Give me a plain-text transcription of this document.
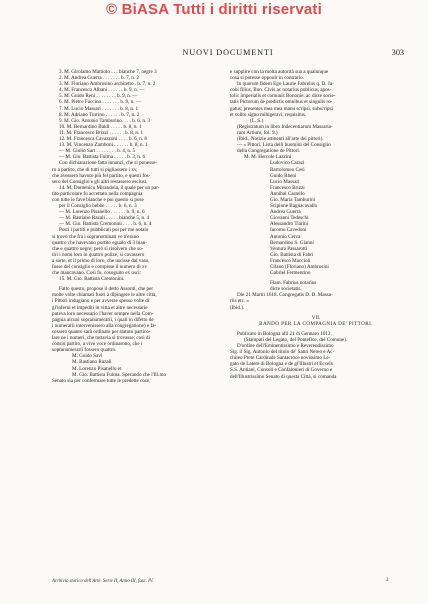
© BiASA Tutti i diritti riservati
NUOVI DOCUMENTI	303
3. M. Girolamo Mattiolo . . . bianche 7, negre 3
2. M. Andrea Guerra . . . . . . . b. 7, n. 2
3. M. Floriano Ambrosino architetto . b. 7, n. 2
4. M. Francesco Albani . . . . . . b. 9, n. —
5. M. Guido Reni . . . . . . . . b. 9, n. —
6. M. Pietro Faccino . . . . . . . b. 9, n. —
7. M. Lucio Massari . . . . . . . b. 8, n. 1
8. M. Adriano Turrino . . . . . . b. 7, n. 2
9. M. Gio. Antonio Tamburino. . . . b. 6, n. 3
10. M. Bernardino Baldi . . . . . b. 8, n. 1
11. M. Francesco Brizzi . . . . . . b. 8, n. 1
12. M. Francesca Cavazzoni . . . . b. 6, n. 8
13. M. Vincenzo Zamboni . . . . . . b. 8, n. 1
— M. Giulio Sart . . . . . . . . b. 4, n. 5
— M. Gio. Battista Fulma . . . . . b. 3, n. 6
Con dichiarazione fatta innanzi, che si ponesse-
ro a partito, che di tutti si pigliassero i xv,
che avessero havuto più fel partito, e questi fos-
sero del Consiglio e gli altri restassero esclusi.
14. M. Domenico Mirandola, il quale per un par-
tito particolare fu accettato nella compagnia
con tutte le fave bianche e poi questo si pose
per il Consiglio hebbe . . . . . b. 6, n. 3
— M. Lorenzo Pisanello . . . . . . b. 9, n. 6
— M. Bastiano Razali . . . . . bianche 5, n. 4
— M. Gio. Battista Cremonini . . . . b. 6, n. 4
Posti i partiti e pubblicati poi per me notaio
si trovò che fra i sopranominati ve n'erano
quattro che havevano portito egualo di 3 bian-
che e quattro negre; però si risolvero che so-
tiri i nomi loro in quattro polize, si cavassero
a sorte, et il primo di loro, che uscisse dal vaso,
fosse del consiglio e compisse il numero di xv
che mancavano. Così fu, cosoguito ex uscì:
15. M. Gio. Battista Cremonini.
Fatto questo, propose il detto Assonti, che per
molte volte chiamati fuori à dipingere le altre città,
i Pittori indugiano e per avverse spesso volte di
gl'inferni et impediti in vitta et altre necessarie
puteva loro necessario l'haver sempre nella Com-
pagnia alcuni sopranumerarii, i quali in difetto de
i numerarii intervenissero alla congregatione) e fa-
cessero quanto sarà ordinato per statuto partico-
lare ne i numeri, che tuttavia si trovasse; così di
consiu partito, a vive voce ordinarono, che i
sopranumerarii fossero quattro.
M. Guido Savi
M. Bastiano Razali
M. Lorenzo Pisanello et
M. Gio. Battista Fulma. Sperando che l'Ill.mo
Senato sia per confermare tutte le predette cose,
e supplire con la molta autorità sua a qualunque
cosa si potesse oppoulr in contrario.
In quorum fidem Ego Laurie Fabrelus q. D. Ja-
cobi filius, Bon. Civis ac notarius publicus, apos-
tolic imperialis et comunis Bononie: ac dicte socie-
tatis Pictorum de predictis omnibus et singulis ro-
gatus; presentes mea mea manu scripsi, subscripsi
et solito signo mihigeravi, requisitus.
(L. S.)
(Registratum in libro Indecentiarum Massaria-
rum Artium, fol. 9.)
(Ibid., Notizie attinenti all'arte dei pittori).
— « Pittori. Lista delli huomini del Consiglio
della Congregatione de Pittori.
M. M. Hercole Lazzini
Ludovico Carazi
Bartolomeo Cesi
Guido Rheni
Lucio Massari
Francesco Brizzi
Annibal Castello
Gio. Maria Tamburini
Scipione Bagnacavallo
Andrea Guerra
Giovanni Tedeschi
Alessandro Tiarini
Iacomo Cavedoni
Antonio Cerva
Bernardino S. Gianni
Ventura Passarotti
Gio. Battista di Fabri
Francesco Maccioli
Cilano (Floriano) Ambrosini
Gabriel Fermentino
Flam. Fabrius notarius
dicte societatis.
Die 21 Martii 1618. Congregatis D. D. Massa-
riis etc. »
(Ibid.).
VII.
BANDO PER LA COMPAGNIA DE' PITTORI.
Publicato in Bologna alli 21 di Gennaro 1612.
(Stampati del Legato, del Pontefice, del Comune).
D'ordine dell'Eminentissimo e Reverendissimo
Sig. il Sig. Antonio del titolo de' Santi Nereo e Ac-
chileo Prete Cardinale Santacroce novissimo Le-
gato de Latere di Bologna e de gl'Illustri et Eccels
S.S. Antiani, Consoli e Confalonieri di Governo e
dell'Illustrissimo Senato di questa Città, si comanda
Archivio storico dell'Arte. Serie II, Anno III, fasc. IV.	2
